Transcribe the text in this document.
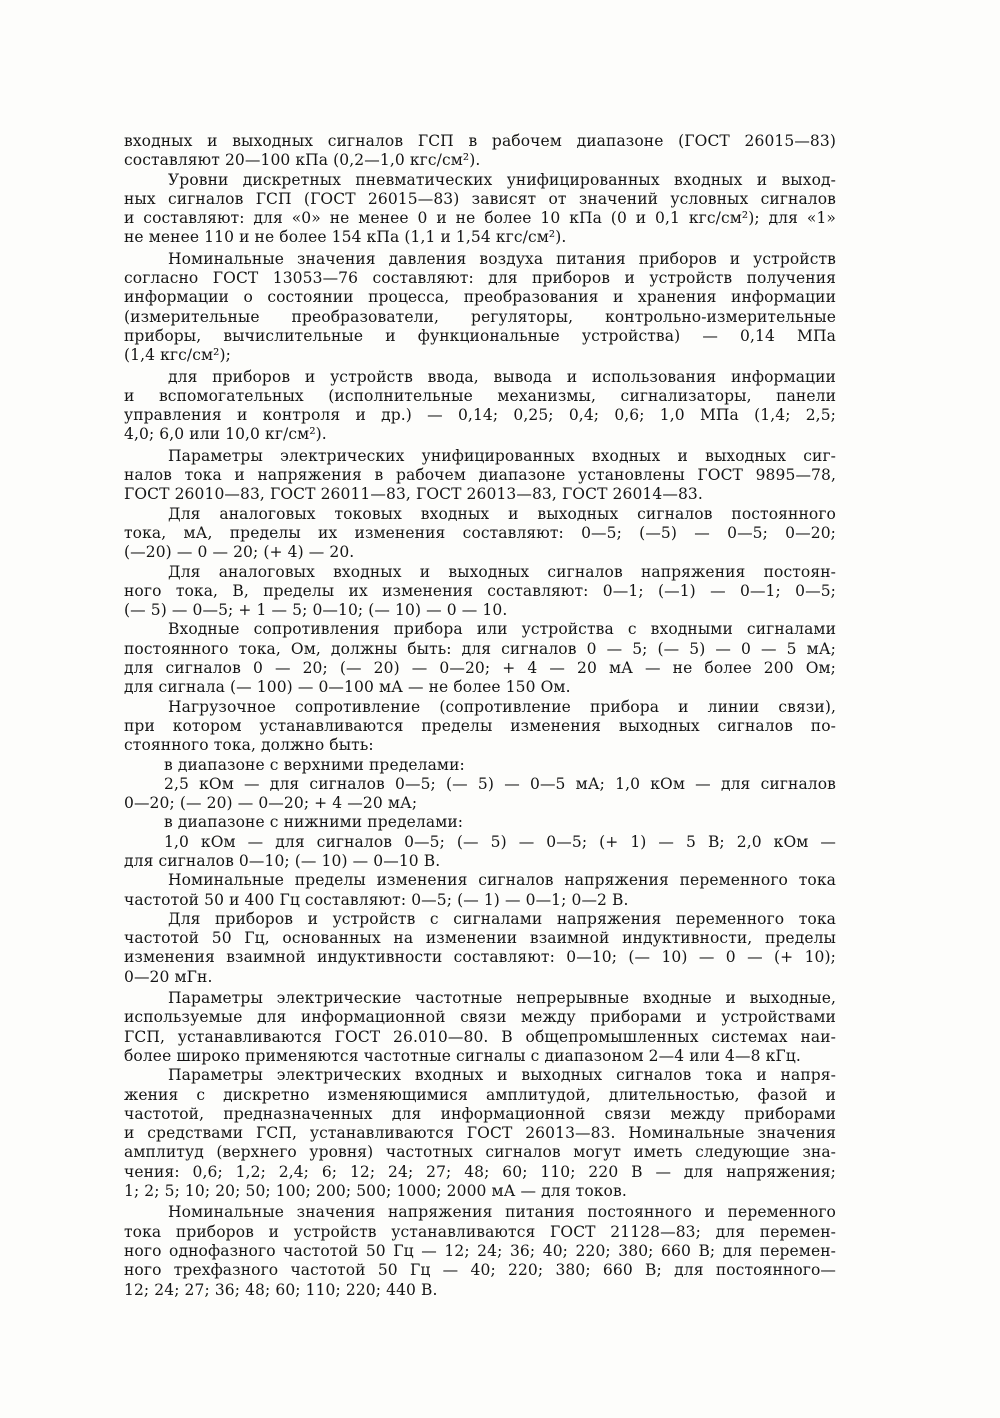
входных и выходных сигналов ГСП в рабочем диапазоне (ГОСТ 26015—83)
составляют 20—100 кПа (0,2—1,0 кгс/см²).
Уровни дискретных пневматических унифицированных входных и выход-
ных сигналов ГСП (ГОСТ 26015—83) зависят от значений условных сигналов
и составляют: для «0» не менее 0 и не более 10 кПа (0 и 0,1 кгс/см²); для «1»
не менее 110 и не более 154 кПа (1,1 и 1,54 кгс/см²).
Номинальные значения давления воздуха питания приборов и устройств
согласно ГОСТ 13053—76 составляют: для приборов и устройств получения
информации о состоянии процесса, преобразования и хранения информации
(измерительные преобразователи, регуляторы, контрольно-измерительные
приборы, вычислительные и функциональные устройства) — 0,14 МПа
(1,4 кгс/см²);
для приборов и устройств ввода, вывода и использования информации
и вспомогательных (исполнительные механизмы, сигнализаторы, панели
управления и контроля и др.) — 0,14; 0,25; 0,4; 0,6; 1,0 МПа (1,4; 2,5;
4,0; 6,0 или 10,0 кг/см²).
Параметры электрических унифицированных входных и выходных сиг-
налов тока и напряжения в рабочем диапазоне установлены ГОСТ 9895—78,
ГОСТ 26010—83, ГОСТ 26011—83, ГОСТ 26013—83, ГОСТ 26014—83.
Для аналоговых токовых входных и выходных сигналов постоянного
тока, мА, пределы их изменения составляют: 0—5; (—5) — 0—5; 0—20;
(—20) — 0 — 20; (+ 4) — 20.
Для аналоговых входных и выходных сигналов напряжения постоян-
ного тока, В, пределы их изменения составляют: 0—1; (—1) — 0—1; 0—5;
(— 5) — 0—5; + 1 — 5; 0—10; (— 10) — 0 — 10.
Входные сопротивления прибора или устройства с входными сигналами
постоянного тока, Ом, должны быть: для сигналов 0 — 5; (— 5) — 0 — 5 мА;
для сигналов 0 — 20; (— 20) — 0—20; + 4 — 20 мА — не более 200 Ом;
для сигнала (— 100) — 0—100 мА — не более 150 Ом.
Нагрузочное сопротивление (сопротивление прибора и линии связи),
при котором устанавливаются пределы изменения выходных сигналов по-
стоянного тока, должно быть:
в диапазоне с верхними пределами:
2,5 кОм — для сигналов 0—5; (— 5) — 0—5 мА; 1,0 кОм — для сигналов
0—20; (— 20) — 0—20; + 4 —20 мА;
в диапазоне с нижними пределами:
1,0 кОм — для сигналов 0—5; (— 5) — 0—5; (+ 1) — 5 В; 2,0 кОм —
для сигналов 0—10; (— 10) — 0—10 В.
Номинальные пределы изменения сигналов напряжения переменного тока
частотой 50 и 400 Гц составляют: 0—5; (— 1) — 0—1; 0—2 В.
Для приборов и устройств с сигналами напряжения переменного тока
частотой 50 Гц, основанных на изменении взаимной индуктивности, пределы
изменения взаимной индуктивности составляют: 0—10; (— 10) — 0 — (+ 10);
0—20 мГн.
Параметры электрические частотные непрерывные входные и выходные,
используемые для информационной связи между приборами и устройствами
ГСП, устанавливаются ГОСТ 26.010—80. В общепромышленных системах наи-
более широко применяются частотные сигналы с диапазоном 2—4 или 4—8 кГц.
Параметры электрических входных и выходных сигналов тока и напря-
жения с дискретно изменяющимися амплитудой, длительностью, фазой и
частотой, предназначенных для информационной связи между приборами
и средствами ГСП, устанавливаются ГОСТ 26013—83. Номинальные значения
амплитуд (верхнего уровня) частотных сигналов могут иметь следующие зна-
чения: 0,6; 1,2; 2,4; 6; 12; 24; 27; 48; 60; 110; 220 В — для напряжения;
1; 2; 5; 10; 20; 50; 100; 200; 500; 1000; 2000 мА — для токов.
Номинальные значения напряжения питания постоянного и переменного
тока приборов и устройств устанавливаются ГОСТ 21128—83; для перемен-
ного однофазного частотой 50 Гц — 12; 24; 36; 40; 220; 380; 660 В; для перемен-
ного трехфазного частотой 50 Гц — 40; 220; 380; 660 В; для постоянного—
12; 24; 27; 36; 48; 60; 110; 220; 440 В.
